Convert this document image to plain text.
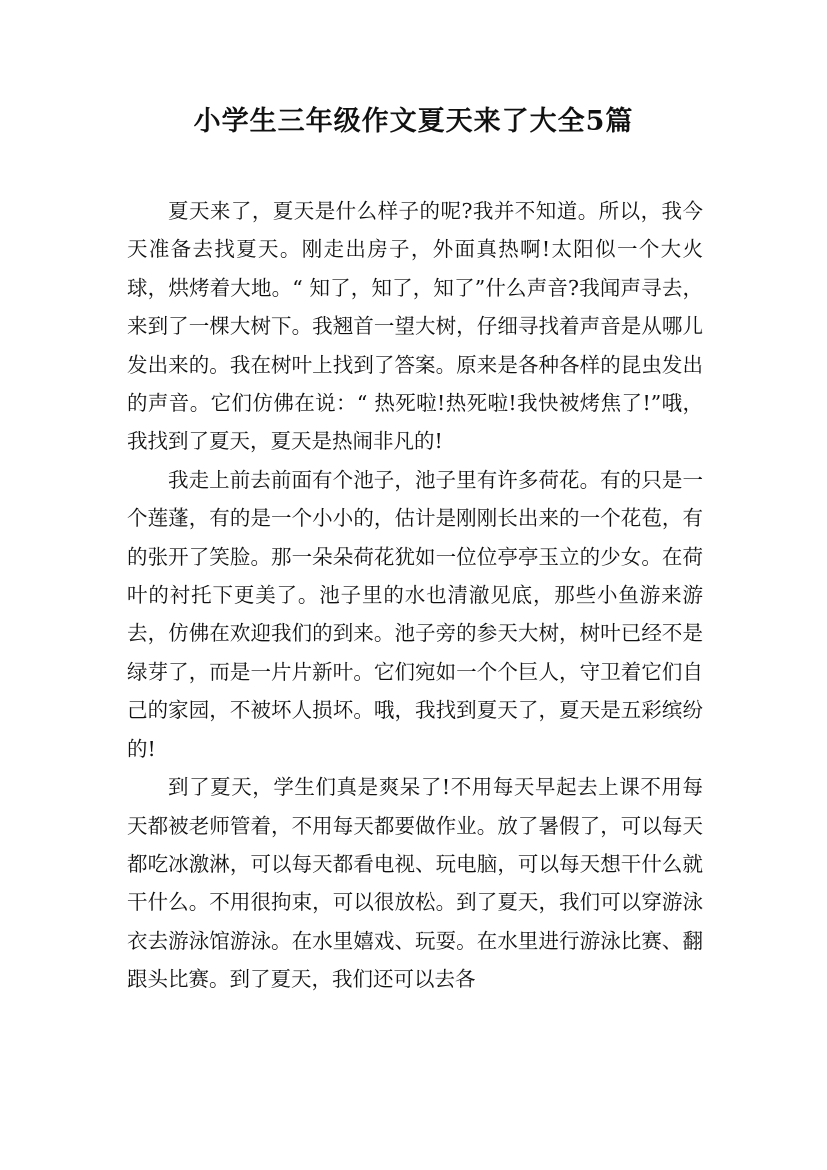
小学生三年级作文夏天来了大全5篇

夏天来了，夏天是什么样子的呢?我并不知道。所以，我今天准备去找夏天。刚走出房子，外面真热啊!太阳似一个大火球，烘烤着大地。“ 知了，知了，知了”什么声音?我闻声寻去，来到了一棵大树下。我翘首一望大树，仔细寻找着声音是从哪儿发出来的。我在树叶上找到了答案。原来是各种各样的昆虫发出的声音。它们仿佛在说：“ 热死啦!热死啦!我快被烤焦了!”哦，我找到了夏天，夏天是热闹非凡的!

我走上前去前面有个池子，池子里有许多荷花。有的只是一个莲蓬，有的是一个小小的，估计是刚刚长出来的一个花苞，有的张开了笑脸。那一朵朵荷花犹如一位位亭亭玉立的少女。在荷叶的衬托下更美了。池子里的水也清澈见底，那些小鱼游来游去，仿佛在欢迎我们的到来。池子旁的参天大树，树叶已经不是绿芽了，而是一片片新叶。它们宛如一个个巨人，守卫着它们自己的家园，不被坏人损坏。哦，我找到夏天了，夏天是五彩缤纷的!

到了夏天，学生们真是爽呆了!不用每天早起去上课不用每天都被老师管着，不用每天都要做作业。放了暑假了，可以每天都吃冰激淋，可以每天都看电视、玩电脑，可以每天想干什么就干什么。不用很拘束，可以很放松。到了夏天，我们可以穿游泳衣去游泳馆游泳。在水里嬉戏、玩耍。在水里进行游泳比赛、翻跟头比赛。到了夏天，我们还可以去各
